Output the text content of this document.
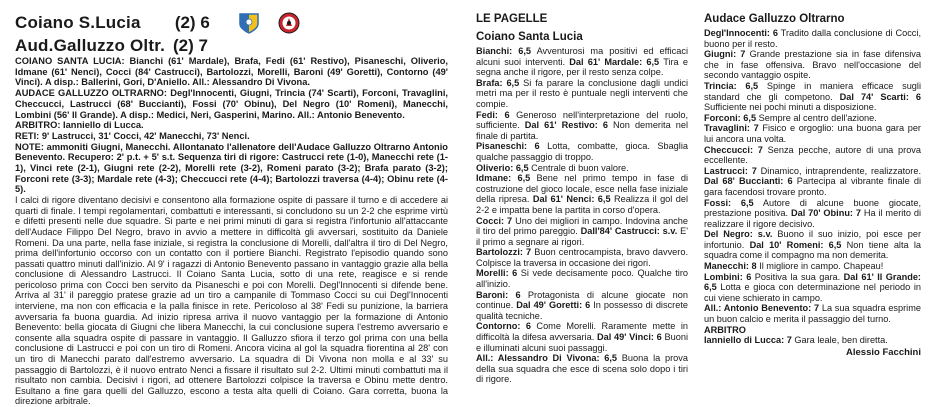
Coiano S.Lucia (2) 6
Aud.Galluzzo Oltr. (2) 7

COIANO SANTA LUCIA: Bianchi (61' Mardale), Brafa, Fedi (61' Restivo), Pisaneschi, Oliverio, Idmane (61' Nenci), Cocci (84' Castrucci), Bartolozzi, Morelli, Baroni (49' Goretti), Contorno (49' Vinci). A disp.: Ballerini, Gori, D'Aniello. All.: Alessandro Di Vivona.

AUDACE GALLUZZO OLTRARNO: Degl'Innocenti, Giugni, Trincia (74' Scarti), Forconi, Travaglini, Checcucci, Lastrucci (68' Buccianti), Fossi (70' Obinu), Del Negro (10' Romeni), Manecchi, Lombini (56' Il Grande). A disp.: Medici, Neri, Gasperini, Marino. All.: Antonio Benevento.

ARBITRO: Ianniello di Lucca.

RETI: 9' Lastrucci, 31' Cocci, 42' Manecchi, 73' Nenci.

NOTE: ammoniti Giugni, Manecchi. Allontanato l'allenatore dell'Audace Galluzzo Oltrarno Antonio Benevento. Recupero: 2' p.t. + 5' s.t. Sequenza tiri di rigore: Castrucci rete (1-0), Manecchi rete (1-1), Vinci rete (2-1), Giugni rete (2-2), Morelli rete (3-2), Romeni parato (3-2); Brafa parato (3-2); Forconi rete (3-3); Mardale rete (4-3); Checcucci rete (4-4); Bartolozzi traversa (4-4); Obinu rete (4-5).

I calci di rigore diventano decisivi e consentono alla formazione ospite di passare il turno e di accedere ai quarti di finale. I tempi regolamentari, combattuti e interessanti, si concludono su un 2-2 che esprime virtù e difetti presenti nelle due squadre. Si parte e nei primi minuti di gara si registra l'infortunio all'attaccante dell'Audace Filippo Del Negro, bravo in avvio a mettere in difficoltà gli avversari, sostituito da Daniele Romeni. Da una parte, nella fase iniziale, si registra la conclusione di Morelli, dall'altra il tiro di Del Negro, prima dell'infortunio occorso con un contatto con il portiere Bianchi. Registrato l'episodio quando sono passati quattro minuti dall'inizio. Al 9' i ragazzi di Antonio Benevento passano in vantaggio grazie alla bella conclusione di Alessandro Lastrucci. Il Coiano Santa Lucia, sotto di una rete, reagisce e si rende pericoloso prima con Cocci ben servito da Pisaneschi e poi con Morelli. Degl'Innocenti si difende bene. Arriva al 31' il pareggio pratese grazie ad un tiro a campanile di Tommaso Cocci su cui Degl'Innocenti interviene, ma non con efficacia e la palla finisce in rete. Pericoloso al 38' Fedi su punizione, la barriera avversaria fa buona guardia. Ad inizio ripresa arriva il nuovo vantaggio per la formazione di Antonio Benevento: bella giocata di Giugni che libera Manecchi, la cui conclusione supera l'estremo avversario e consente alla squadra ospite di passare in vantaggio. Il Galluzzo sfiora il terzo gol prima con una bella conclusione di Lastrucci e poi con un tiro di Romeni. Ancora vicina al gol la squadra fiorentina al 28' con un tiro di Manecchi parato dall'estremo avversario. La squadra di Di Vivona non molla e al 33' su passaggio di Bartolozzi, è il nuovo entrato Nenci a fissare il risultato sul 2-2. Ultimi minuti combattuti ma il risultato non cambia. Decisivi i rigori, ad ottenere Bartolozzi colpisce la traversa e Obinu mette dentro. Esultano a fine gara quelli del Galluzzo, escono a testa alta quelli di Coiano. Gara corretta, buona la direzione arbitrale.

LE PAGELLE
Coiano Santa Lucia

Bianchi: 6,5 Avventurosi ma positivi ed efficaci alcuni suoi interventi. Dal 61' Mardale: 6,5 Tira e segna anche il rigore, per il resto senza colpe.

Brafa: 6,5 Si fa parare la conclusione dagli undici metri ma per il resto è puntuale negli interventi che compie.

Fedi: 6 Generoso nell'interpretazione del ruolo, sufficiente. Dal 61' Restivo: 6 Non demerita nel finale di partita.

Pisaneschi: 6 Lotta, combatte, gioca. Sbaglia qualche passaggio di troppo.

Oliverio: 6,5 Centrale di buon valore.

Idmane: 6,5 Bene nel primo tempo in fase di costruzione del gioco locale, esce nella fase iniziale della ripresa. Dal 61' Nenci: 6,5 Realizza il gol del 2-2 e impatta bene la partita in corso d'opera.

Cocci: 7 Uno dei migliori in campo. Indovina anche il tiro del primo pareggio. Dall'84' Castrucci: s.v. E' il primo a segnare ai rigori.

Bartolozzi: 7 Buon centrocampista, bravo davvero. Colpisce la traversa in occasione dei rigori.

Morelli: 6 Si vede decisamente poco. Qualche tiro all'inizio.

Baroni: 6 Protagonista di alcune giocate non continue. Dal 49' Goretti: 6 In possesso di discrete qualità tecniche.

Contorno: 6 Come Morelli. Raramente mette in difficoltà la difesa avversaria. Dal 49' Vinci: 6 Buoni e illuminati alcuni suoi passaggi.

All.: Alessandro Di Vivona: 6,5 Buona la prova della sua squadra che esce di scena solo dopo i tiri di rigore.

Audace Galluzzo Oltrarno

Degl'Innocenti: 6 Tradito dalla conclusione di Cocci, buono per il resto.

Giugni: 7 Grande prestazione sia in fase difensiva che in fase offensiva. Bravo nell'occasione del secondo vantaggio ospite.

Trincia: 6,5 Spinge in maniera efficace sugli standard che gli competono. Dal 74' Scarti: 6 Sufficiente nei pochi minuti a disposizione.

Forconi: 6,5 Sempre al centro dell'azione.

Travaglini: 7 Fisico e orgoglio: una buona gara per lui ancora una volta.

Checcucci: 7 Senza pecche, autore di una prova eccellente.

Lastrucci: 7 Dinamico, intraprendente, realizzatore. Dal 68' Buccianti: 6 Partecipa al vibrante finale di gara facendosi trovare pronto.

Fossi: 6,5 Autore di alcune buone giocate, prestazione positiva. Dal 70' Obinu: 7 Ha il merito di realizzare il rigore decisivo.

Del Negro: s.v. Buono il suo inizio, poi esce per infortunio. Dal 10' Romeni: 6,5 Non tiene alta la squadra come il compagno ma non demerita.

Manecchi: 8 Il migliore in campo. Chapeau!

Lombini: 6 Positiva la sua gara. Dal 61' Il Grande: 6,5 Lotta e gioca con determinazione nel periodo in cui viene schierato in campo.

All.: Antonio Benevento: 7 La sua squadra esprime un buon calcio e merita il passaggio del turno.

ARBITRO

Ianniello di Lucca: 7 Gara leale, ben diretta.

Alessio Facchini
